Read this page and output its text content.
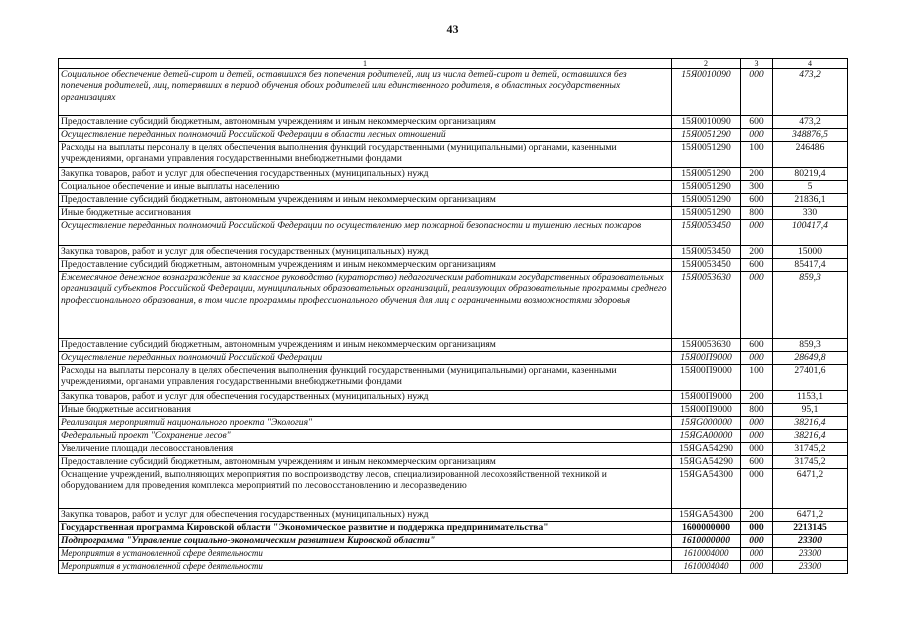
43
1	2	3	4
Социальное обеспечение детей-сирот и детей, оставшихся без попечения родителей, лиц из числа детей-сирот и детей, оставшихся без попечения родителей, лиц, потерявших в период обучения обоих родителей или единственного родителя, в областных государственных организациях	15Я0010090	000	473,2
Предоставление субсидий бюджетным, автономным учреждениям и иным некоммерческим организациям	15Я0010090	600	473,2
Осуществление переданных полномочий Российской Федерации в области лесных отношений	15Я0051290	000	348876,5
Расходы на выплаты персоналу в целях обеспечения выполнения функций государственными (муниципальными) органами, казенными учреждениями, органами управления государственными внебюджетными фондами	15Я0051290	100	246486
Закупка товаров, работ и услуг для обеспечения государственных (муниципальных) нужд	15Я0051290	200	80219,4
Социальное обеспечение и иные выплаты населению	15Я0051290	300	5
Предоставление субсидий бюджетным, автономным учреждениям и иным некоммерческим организациям	15Я0051290	600	21836,1
Иные бюджетные ассигнования	15Я0051290	800	330
Осуществление переданных полномочий Российской Федерации по осуществлению мер пожарной безопасности и тушению лесных пожаров	15Я0053450	000	100417,4
Закупка товаров, работ и услуг для обеспечения государственных (муниципальных) нужд	15Я0053450	200	15000
Предоставление субсидий бюджетным, автономным учреждениям и иным некоммерческим организациям	15Я0053450	600	85417,4
Ежемесячное денежное вознаграждение за классное руководство (кураторство) педагогическим работникам государственных образовательных организаций субъектов Российской Федерации, муниципальных образовательных организаций, реализующих образовательные программы среднего профессионального образования, в том числе программы профессионального обучения для лиц с ограниченными возможностями здоровья	15Я0053630	000	859,3
Предоставление субсидий бюджетным, автономным учреждениям и иным некоммерческим организациям	15Я0053630	600	859,3
Осуществление переданных полномочий Российской Федерации	15Я00П9000	000	28649,8
Расходы на выплаты персоналу в целях обеспечения выполнения функций государственными (муниципальными) органами, казенными учреждениями, органами управления государственными внебюджетными фондами	15Я00П9000	100	27401,6
Закупка товаров, работ и услуг для обеспечения государственных (муниципальных) нужд	15Я00П9000	200	1153,1
Иные бюджетные ассигнования	15Я00П9000	800	95,1
Реализация мероприятий национального проекта "Экология"	15ЯG000000	000	38216,4
Федеральный проект "Сохранение лесов"	15ЯGA00000	000	38216,4
Увеличение площади лесовосстановления	15ЯGA54290	000	31745,2
Предоставление субсидий бюджетным, автономным учреждениям и иным некоммерческим организациям	15ЯGA54290	600	31745,2
Оснащение учреждений, выполняющих мероприятия по воспроизводству лесов, специализированной лесохозяйственной техникой и оборудованием для проведения комплекса мероприятий по лесовосстановлению и лесоразведению	15ЯGA54300	000	6471,2
Закупка товаров, работ и услуг для обеспечения государственных (муниципальных) нужд	15ЯGA54300	200	6471,2
Государственная программа Кировской области "Экономическое развитие и поддержка предпринимательства"	1600000000	000	2213145
Подпрограмма "Управление социально-экономическим развитием Кировской области"	1610000000	000	23300
Мероприятия в установленной сфере деятельности	1610004000	000	23300
Мероприятия в установленной сфере деятельности	1610004040	000	23300
